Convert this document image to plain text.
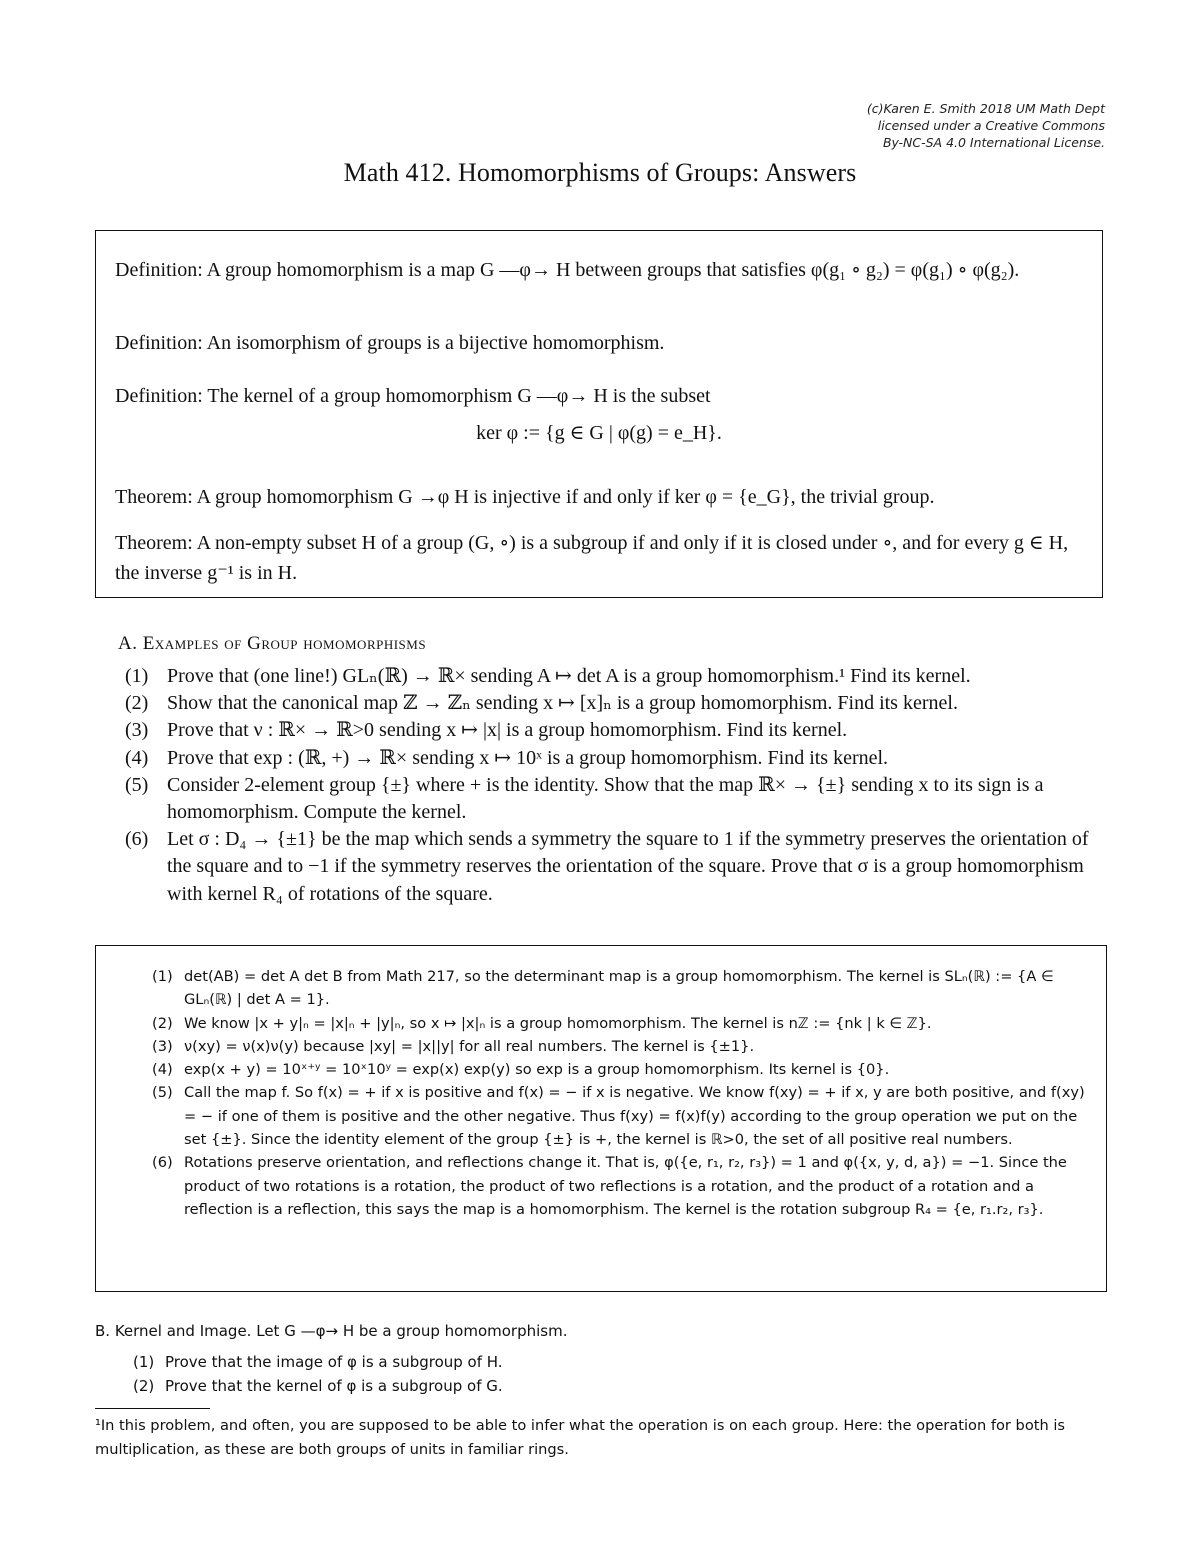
(c)Karen E. Smith 2018 UM Math Dept
licensed under a Creative Commons
By-NC-SA 4.0 International License.
Math 412. Homomorphisms of Groups: Answers
Definition: A group homomorphism is a map G —φ→ H between groups that satisfies φ(g₁ ∘ g₂) = φ(g₁) ∘ φ(g₂).
Definition: An isomorphism of groups is a bijective homomorphism.
Definition: The kernel of a group homomorphism G —φ→ H is the subset
ker φ := {g ∈ G | φ(g) = e_H}.
Theorem: A group homomorphism G →φ H is injective if and only if ker φ = {e_G}, the trivial group.
Theorem: A non-empty subset H of a group (G, ∘) is a subgroup if and only if it is closed under ∘, and for every g ∈ H, the inverse g⁻¹ is in H.
A. Examples of Group homomorphisms
(1) Prove that (one line!) GLₙ(ℝ) → ℝ× sending A ↦ det A is a group homomorphism.¹ Find its kernel.
(2) Show that the canonical map ℤ → ℤₙ sending x ↦ [x]ₙ is a group homomorphism. Find its kernel.
(3) Prove that ν : ℝ× → ℝ>0 sending x ↦ |x| is a group homomorphism. Find its kernel.
(4) Prove that exp : (ℝ, +) → ℝ× sending x ↦ 10ˣ is a group homomorphism. Find its kernel.
(5) Consider 2-element group {±} where + is the identity. Show that the map ℝ× → {±} sending x to its sign is a homomorphism. Compute the kernel.
(6) Let σ : D₄ → {±1} be the map which sends a symmetry the square to 1 if the symmetry preserves the orientation of the square and to −1 if the symmetry reserves the orientation of the square. Prove that σ is a group homomorphism with kernel R₄ of rotations of the square.
(1) det(AB) = det A det B from Math 217, so the determinant map is a group homomorphism. The kernel is SLₙ(ℝ) := {A ∈ GLₙ(ℝ) | det A = 1}.
(2) We know |x + y|ₙ = |x|ₙ + |y|ₙ, so x ↦ |x|ₙ is a group homomorphism. The kernel is nℤ := {nk | k ∈ ℤ}.
(3) ν(xy) = ν(x)ν(y) because |xy| = |x||y| for all real numbers. The kernel is {±1}.
(4) exp(x + y) = 10ˣ⁺ʸ = 10ˣ10ʸ = exp(x) exp(y) so exp is a group homomorphism. Its kernel is {0}.
(5) Call the map f. So f(x) = + if x is positive and f(x) = − if x is negative. We know f(xy) = + if x, y are both positive, and f(xy) = − if one of them is positive and the other negative. Thus f(xy) = f(x)f(y) according to the group operation we put on the set {±}. Since the identity element of the group {±} is +, the kernel is ℝ>0, the set of all positive real numbers.
(6) Rotations preserve orientation, and reflections change it. That is, φ({e, r₁, r₂, r₃}) = 1 and φ({x, y, d, a}) = −1. Since the product of two rotations is a rotation, the product of two reflections is a rotation, and the product of a rotation and a reflection is a reflection, this says the map is a homomorphism. The kernel is the rotation subgroup R₄ = {e, r₁.r₂, r₃}.
B. Kernel and Image. Let G —φ→ H be a group homomorphism.
(1) Prove that the image of φ is a subgroup of H.
(2) Prove that the kernel of φ is a subgroup of G.
¹In this problem, and often, you are supposed to be able to infer what the operation is on each group. Here: the operation for both is multiplication, as these are both groups of units in familiar rings.
